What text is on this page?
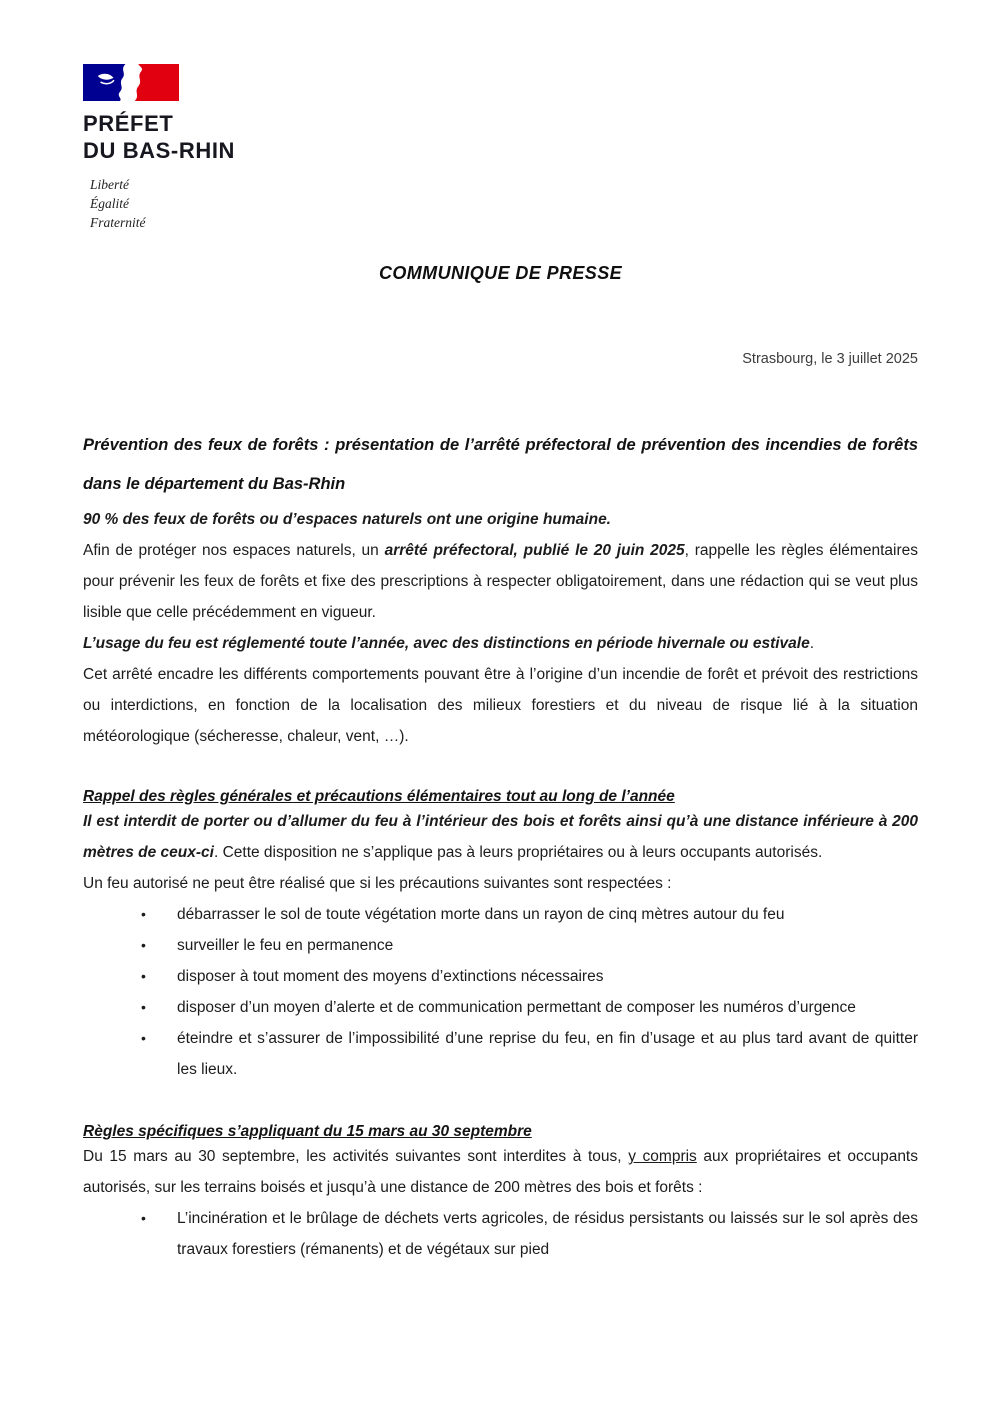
PRÉFET
DU BAS-RHIN
Liberté
Égalité
Fraternité
COMMUNIQUE DE PRESSE
Strasbourg, le 3 juillet 2025
Prévention des feux de forêts : présentation de l’arrêté préfectoral de prévention des incendies de forêts dans le département du Bas-Rhin

90 % des feux de forêts ou d’espaces naturels ont une origine humaine.

Afin de protéger nos espaces naturels, un arrêté préfectoral, publié le 20 juin 2025, rappelle les règles élémentaires pour prévenir les feux de forêts et fixe des prescriptions à respecter obligatoirement, dans une rédaction qui se veut plus lisible que celle précédemment en vigueur.

L’usage du feu est réglementé toute l’année, avec des distinctions en période hivernale ou estivale.

Cet arrêté encadre les différents comportements pouvant être à l’origine d’un incendie de forêt et prévoit des restrictions ou interdictions, en fonction de la localisation des milieux forestiers et du niveau de risque lié à la situation météorologique (sécheresse, chaleur, vent, …).

Rappel des règles générales et précautions élémentaires tout au long de l’année

Il est interdit de porter ou d’allumer du feu à l’intérieur des bois et forêts ainsi qu’à une distance inférieure à 200 mètres de ceux-ci. Cette disposition ne s’applique pas à leurs propriétaires ou à leurs occupants autorisés.

Un feu autorisé ne peut être réalisé que si les précautions suivantes sont respectées :

• débarrasser le sol de toute végétation morte dans un rayon de cinq mètres autour du feu
• surveiller le feu en permanence
• disposer à tout moment des moyens d’extinctions nécessaires
• disposer d’un moyen d’alerte et de communication permettant de composer les numéros d’urgence
• éteindre et s’assurer de l’impossibilité d’une reprise du feu, en fin d’usage et au plus tard avant de quitter les lieux.
Règles spécifiques s’appliquant du 15 mars au 30 septembre

Du 15 mars au 30 septembre, les activités suivantes sont interdites à tous, y compris aux propriétaires et occupants autorisés, sur les terrains boisés et jusqu’à une distance de 200 mètres des bois et forêts :

• L’incinération et le brûlage de déchets verts agricoles, de résidus persistants ou laissés sur le sol après des travaux forestiers (rémanents) et de végétaux sur pied
